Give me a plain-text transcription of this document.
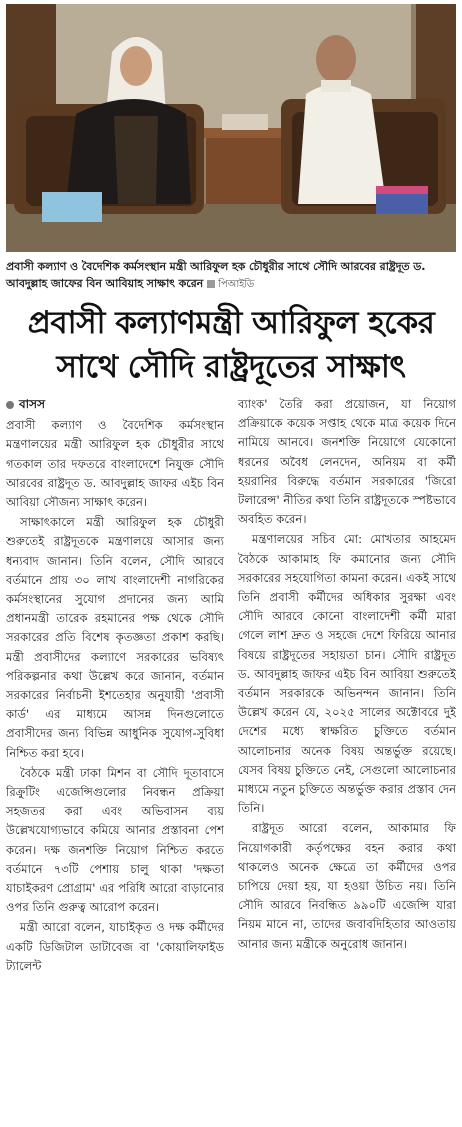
প্রবাসী কল্যাণ ও বৈদেশিক কর্মসংস্থান মন্ত্রী আরিফুল হক চৌধুরীর সাথে সৌদি আরবের রাষ্ট্রদূত ড. আবদুল্লাহ জাফের বিন আবিয়াহ সাক্ষাৎ করেন পিআইডি
প্রবাসী কল্যাণমন্ত্রী আরিফুল হকের
সাথে সৌদি রাষ্ট্রদূতের সাক্ষাৎ
বাসস

প্রবাসী কল্যাণ ও বৈদেশিক কর্মসংস্থান মন্ত্রণালয়ের মন্ত্রী আরিফুল হক চৌধুরীর সাথে গতকাল তার দফতরে বাংলাদেশে নিযুক্ত সৌদি আরবের রাষ্ট্রদূত ড. আবদুল্লাহ জাফর এইচ বিন আবিয়া সৌজন্য সাক্ষাৎ করেন।

সাক্ষাৎকালে মন্ত্রী আরিফুল হক চৌধুরী শুরুতেই রাষ্ট্রদূতকে মন্ত্রণালয়ে আসার জন্য ধন্যবাদ জানান। তিনি বলেন, সৌদি আরবে বর্তমানে প্রায় ৩০ লাখ বাংলাদেশী নাগরিকের কর্মসংস্থানের সুযোগ প্রদানের জন্য আমি প্রধানমন্ত্রী তারেক রহমানের পক্ষ থেকে সৌদি সরকারের প্রতি বিশেষ কৃতজ্ঞতা প্রকাশ করছি। মন্ত্রী প্রবাসীদের কল্যাণে সরকারের ভবিষ্যৎ পরিকল্পনার কথা উল্লেখ করে জানান, বর্তমান সরকারের নির্বাচনী ইশতেহার অনুযায়ী 'প্রবাসী কার্ড' এর মাধ্যমে আসন্ন দিনগুলোতে প্রবাসীদের জন্য বিভিন্ন আধুনিক সুযোগ-সুবিধা নিশ্চিত করা হবে।

বৈঠকে মন্ত্রী ঢাকা মিশন বা সৌদি দূতাবাসে রিক্রুটিং এজেন্সিগুলোর নিবন্ধন প্রক্রিয়া সহজতর করা এবং অভিবাসন ব্যয় উল্লেখযোগ্যভাবে কমিয়ে আনার প্রস্তাবনা পেশ করেন। দক্ষ জনশক্তি নিয়োগ নিশ্চিত করতে বর্তমানে ৭৩টি পেশায় চালু থাকা 'দক্ষতা যাচাইকরণ প্রোগ্রাম' এর পরিধি আরো বাড়ানোর ওপর তিনি গুরুত্ব আরোপ করেন।

মন্ত্রী আরো বলেন, যাচাইকৃত ও দক্ষ কর্মীদের একটি ডিজিটাল ডাটাবেজ বা 'কোয়ালিফাইড ট্যালেন্ট

ব্যাংক' তৈরি করা প্রয়োজন, যা নিয়োগ প্রক্রিয়াকে কয়েক সপ্তাহ থেকে মাত্র কয়েক দিনে নামিয়ে আনবে। জনশক্তি নিয়োগে যেকোনো ধরনের অবৈধ লেনদেন, অনিয়ম বা কর্মী হয়রানির বিরুদ্ধে বর্তমান সরকারের 'জিরো টলারেন্স' নীতির কথা তিনি রাষ্ট্রদূতকে স্পষ্টভাবে অবহিত করেন।

মন্ত্রণালয়ের সচিব মো: মোখতার আহমেদ বৈঠকে আকামাহ ফি কমানোর জন্য সৌদি সরকারের সহযোগিতা কামনা করেন। একই সাথে তিনি প্রবাসী কর্মীদের অধিকার সুরক্ষা এবং সৌদি আরবে কোনো বাংলাদেশী কর্মী মারা গেলে লাশ দ্রুত ও সহজে দেশে ফিরিয়ে আনার বিষয়ে রাষ্ট্রদূতের সহায়তা চান। সৌদি রাষ্ট্রদূত ড. আবদুল্লাহ জাফর এইচ বিন আবিয়া শুরুতেই বর্তমান সরকারকে অভিনন্দন জানান। তিনি উল্লেখ করেন যে, ২০২৫ সালের অক্টোবরে দুই দেশের মধ্যে স্বাক্ষরিত চুক্তিতে বর্তমান আলোচনার অনেক বিষয় অন্তর্ভুক্ত রয়েছে। যেসব বিষয় চুক্তিতে নেই, সেগুলো আলোচনার মাধ্যমে নতুন চুক্তিতে অন্তর্ভুক্ত করার প্রস্তাব দেন তিনি।

রাষ্ট্রদূত আরো বলেন, আকামার ফি নিয়োগকারী কর্তৃপক্ষের বহন করার কথা থাকলেও অনেক ক্ষেত্রে তা কর্মীদের ওপর চাপিয়ে দেয়া হয়, যা হওয়া উচিত নয়। তিনি সৌদি আরবে নিবন্ধিত ৯৯০টি এজেন্সি যারা নিয়ম মানে না, তাদের জবাবদিহিতার আওতায় আনার জন্য মন্ত্রীকে অনুরোধ জানান।
